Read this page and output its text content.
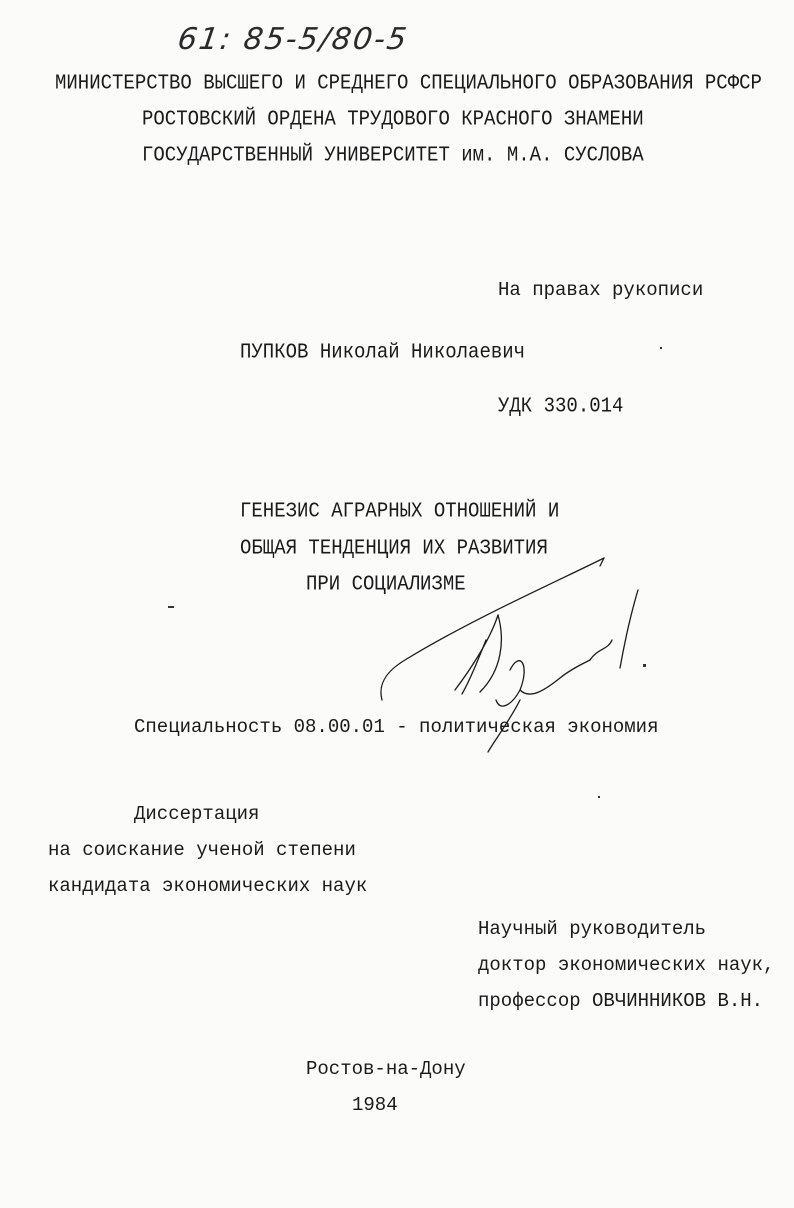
61: 85-5/80-5
МИНИСТЕРСТВО ВЫСШЕГО И СРЕДНЕГО СПЕЦИАЛЬНОГО ОБРАЗОВАНИЯ РСФСР
РОСТОВСКИЙ ОРДЕНА ТРУДОВОГО КРАСНОГО ЗНАМЕНИ
ГОСУДАРСТВЕННЫЙ УНИВЕРСИТЕТ им. М.А. СУСЛОВА
На правах рукописи
ПУПКОВ Николай Николаевич
УДК 330.014
ГЕНЕЗИС АГРАРНЫХ ОТНОШЕНИЙ И
ОБЩАЯ ТЕНДЕНЦИЯ ИХ РАЗВИТИЯ
ПРИ СОЦИАЛИЗМЕ
Специальность 08.00.01 - политическая экономия
Диссертация
на соискание ученой степени
кандидата экономических наук
Научный руководитель
доктор экономических наук,
профессор ОВЧИННИКОВ В.Н.
Ростов-на-Дону
1984
